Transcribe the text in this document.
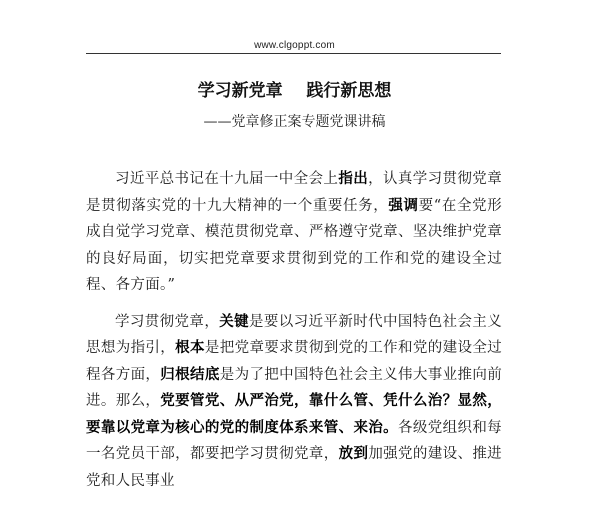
www.clgoppt.com
学习新党章    践行新思想
——党章修正案专题党课讲稿

习近平总书记在十九届一中全会上指出，认真学习贯彻党章是贯彻落实党的十九大精神的一个重要任务，强调要“在全党形成自觉学习党章、模范贯彻党章、严格遵守党章、坚决维护党章的良好局面，切实把党章要求贯彻到党的工作和党的建设全过程、各方面。”

学习贯彻党章，关键是要以习近平新时代中国特色社会主义思想为指引，根本是把党章要求贯彻到党的工作和党的建设全过程各方面，归根结底是为了把中国特色社会主义伟大事业推向前进。那么，党要管党、从严治党，靠什么管、凭什么治？显然，要靠以党章为核心的党的制度体系来管、来治。各级党组织和每一名党员干部，都要把学习贯彻党章，放到加强党的建设、推进党和人民事业
